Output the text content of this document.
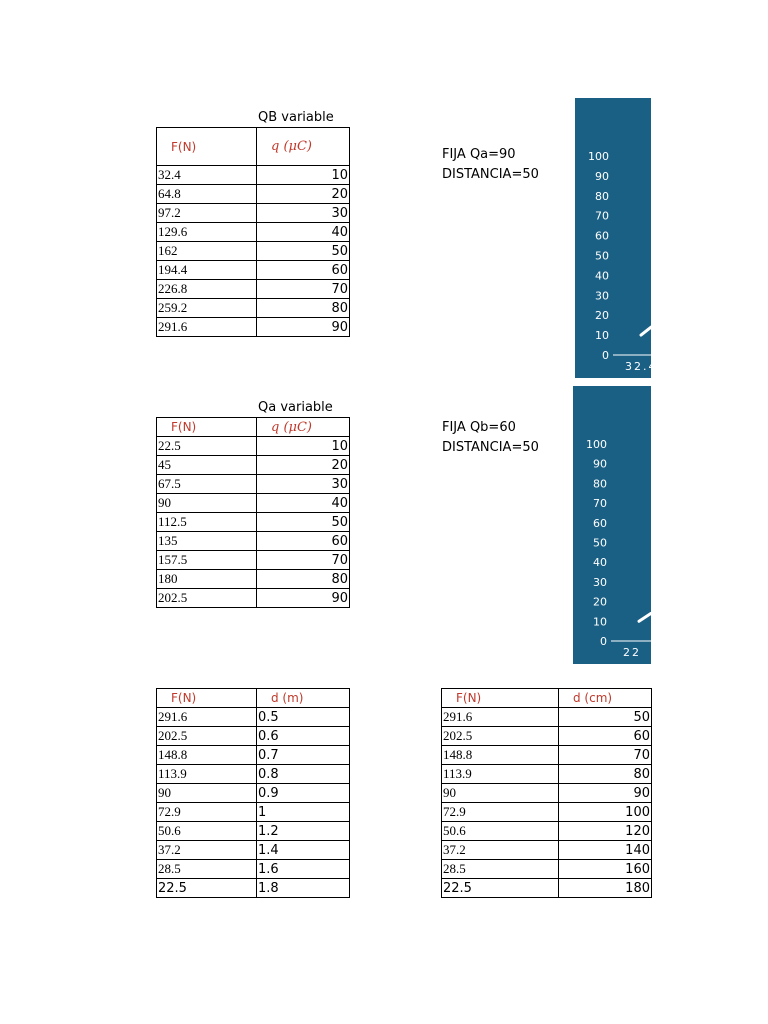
QB variable
F(N)	q (μC)
32.4	10
64.8	20
97.2	30
129.6	40
162	50
194.4	60
226.8	70
259.2	80
291.6	90
FIJA Qa=90
DISTANCIA=50
0
10
20
30
40
50
60
70
80
90
100
32.4
Qa variable
F(N)	q (μC)
22.5	10
45	20
67.5	30
90	40
112.5	50
135	60
157.5	70
180	80
202.5	90
FIJA Qb=60
DISTANCIA=50
0
10
20
30
40
50
60
70
80
90
100
22
F(N)	d (m)
291.6	0.5
202.5	0.6
148.8	0.7
113.9	0.8
90	0.9
72.9	1
50.6	1.2
37.2	1.4
28.5	1.6
22.5	1.8
F(N)	d (cm)
291.6	50
202.5	60
148.8	70
113.9	80
90	90
72.9	100
50.6	120
37.2	140
28.5	160
22.5	180
